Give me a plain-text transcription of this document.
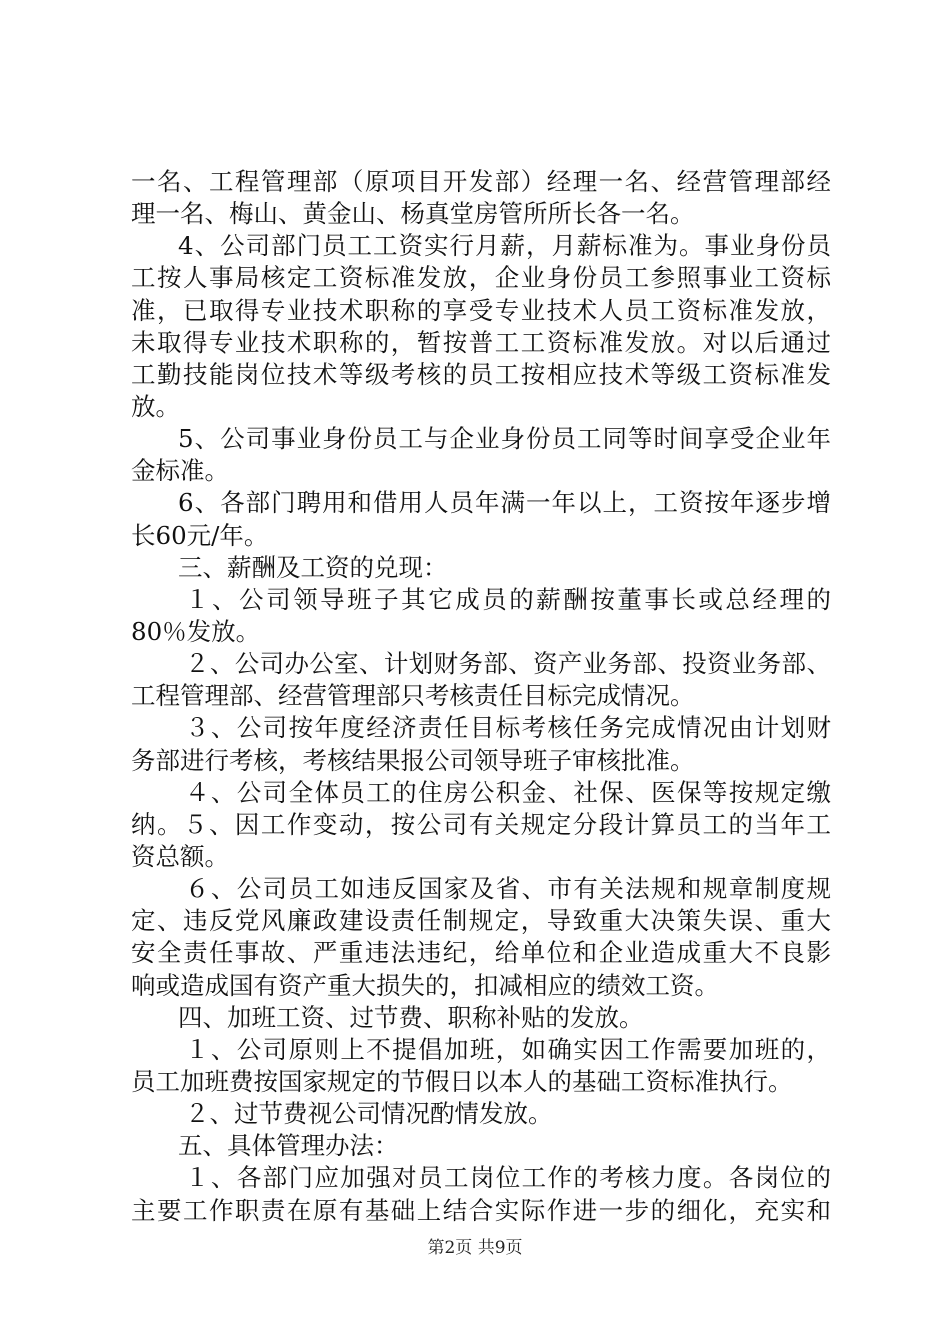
一名、工程管理部（原项目开发部）经理一名、经营管理部经
理一名、梅山、黄金山、杨真堂房管所所长各一名。
4、公司部门员工工资实行月薪，月薪标准为。事业身份员
工按人事局核定工资标准发放，企业身份员工参照事业工资标
准，已取得专业技术职称的享受专业技术人员工资标准发放，
未取得专业技术职称的，暂按普工工资标准发放。对以后通过
工勤技能岗位技术等级考核的员工按相应技术等级工资标准发
放。
5、公司事业身份员工与企业身份员工同等时间享受企业年
金标准。
6、各部门聘用和借用人员年满一年以上，工资按年逐步增
长60元/年。
三、薪酬及工资的兑现：
１、公司领导班子其它成员的薪酬按董事长或总经理的
80％发放。
２、公司办公室、计划财务部、资产业务部、投资业务部、
工程管理部、经营管理部只考核责任目标完成情况。
３、公司按年度经济责任目标考核任务完成情况由计划财
务部进行考核，考核结果报公司领导班子审核批准。
４、公司全体员工的住房公积金、社保、医保等按规定缴
纳。５、因工作变动，按公司有关规定分段计算员工的当年工
资总额。
６、公司员工如违反国家及省、市有关法规和规章制度规
定、违反党风廉政建设责任制规定，导致重大决策失误、重大
安全责任事故、严重违法违纪，给单位和企业造成重大不良影
响或造成国有资产重大损失的，扣减相应的绩效工资。
四、加班工资、过节费、职称补贴的发放。
１、公司原则上不提倡加班，如确实因工作需要加班的，
员工加班费按国家规定的节假日以本人的基础工资标准执行。
２、过节费视公司情况酌情发放。
五、具体管理办法：
１、各部门应加强对员工岗位工作的考核力度。各岗位的
主要工作职责在原有基础上结合实际作进一步的细化，充实和
第2页 共9页
